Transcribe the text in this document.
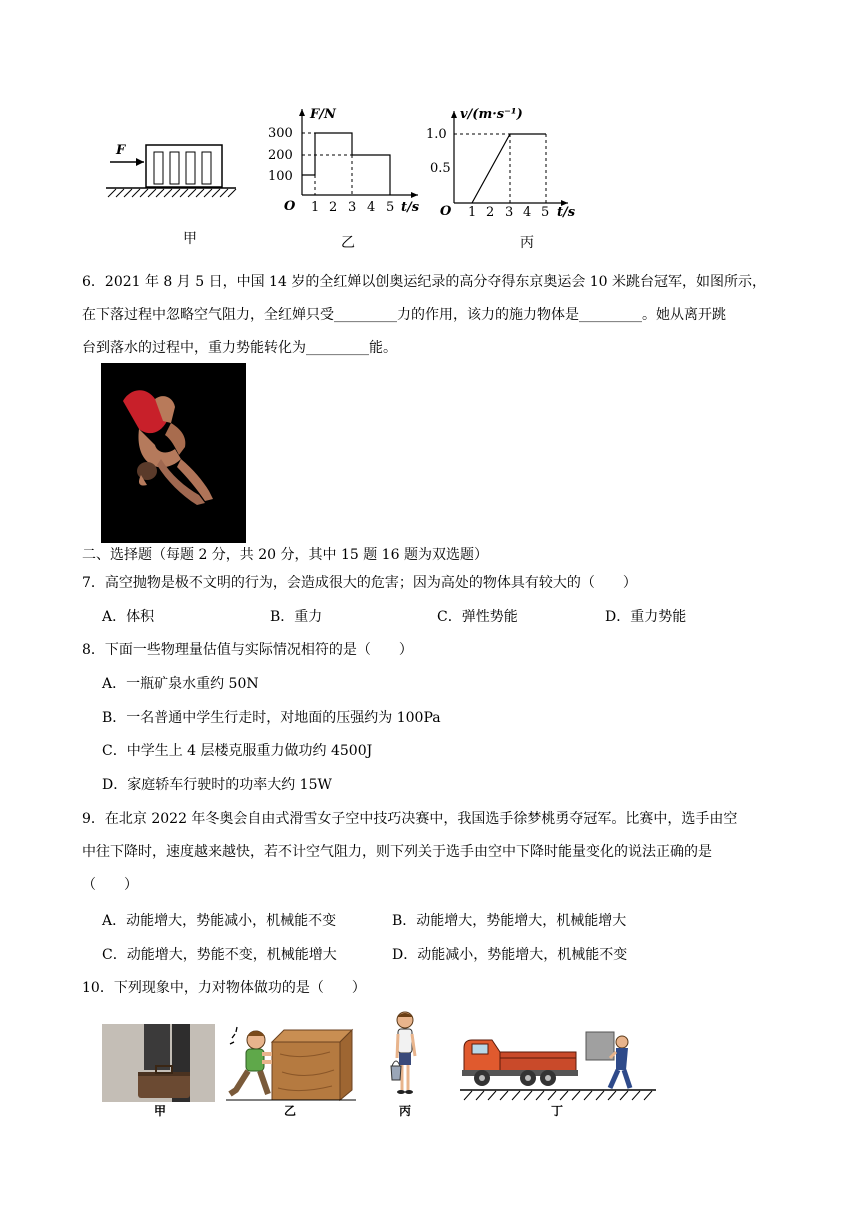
F
甲
F/N
300
200
100
O 1 2 3 4 5 t/s
乙
v/(m·s⁻¹)
1.0
0.5
O 1 2 3 4 5 t/s
丙
6．2021 年 8 月 5 日，中国 14 岁的全红婵以创奥运纪录的高分夺得东京奥运会 10 米跳台冠军，如图所示，
在下落过程中忽略空气阻力，全红婵只受_________力的作用，该力的施力物体是_________。她从离开跳
台到落水的过程中，重力势能转化为_________能。
二、选择题（每题 2 分，共 20 分，其中 15 题 16 题为双选题）
7．高空抛物是极不文明的行为，会造成很大的危害；因为高处的物体具有较大的（　　）
A．体积	B．重力	C．弹性势能	D．重力势能
8．下面一些物理量估值与实际情况相符的是（　　）
A．一瓶矿泉水重约 50N
B．一名普通中学生行走时，对地面的压强约为 100Pa
C．中学生上 4 层楼克服重力做功约 4500J
D．家庭轿车行驶时的功率大约 15W
9．在北京 2022 年冬奥会自由式滑雪女子空中技巧决赛中，我国选手徐梦桃勇夺冠军。比赛中，选手由空
中往下降时，速度越来越快，若不计空气阻力，则下列关于选手由空中下降时能量变化的说法正确的是
（　　）
A．动能增大，势能减小，机械能不变	B．动能增大，势能增大，机械能增大
C．动能增大，势能不变，机械能增大	D．动能减小，势能增大，机械能不变
10．下列现象中，力对物体做功的是（　　）
甲	乙	丙	丁
